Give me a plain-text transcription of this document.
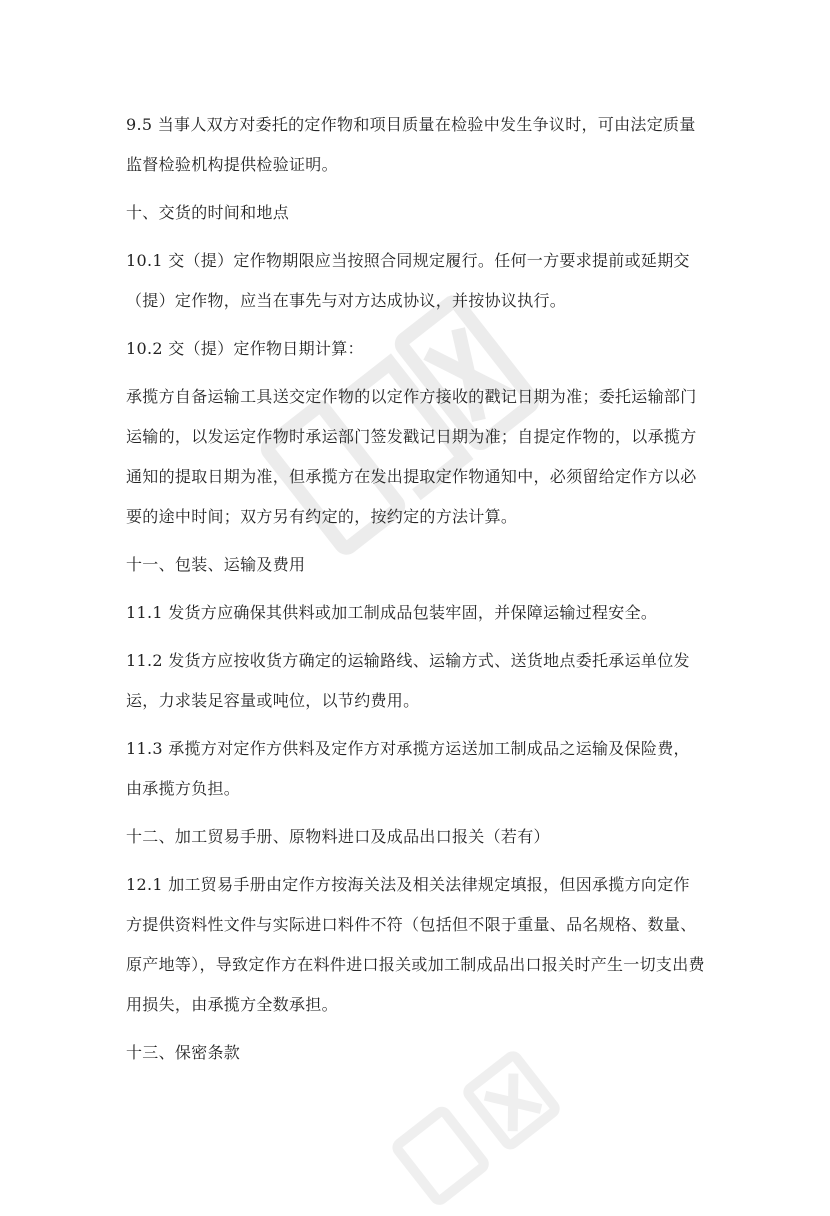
9.5 当事人双方对委托的定作物和项目质量在检验中发生争议时，可由法定质量监督检验机构提供检验证明。

十、交货的时间和地点

10.1 交（提）定作物期限应当按照合同规定履行。任何一方要求提前或延期交（提）定作物，应当在事先与对方达成协议，并按协议执行。

10.2 交（提）定作物日期计算：

承揽方自备运输工具送交定作物的以定作方接收的戳记日期为准；委托运输部门运输的，以发运定作物时承运部门签发戳记日期为准；自提定作物的，以承揽方通知的提取日期为准，但承揽方在发出提取定作物通知中，必须留给定作方以必要的途中时间；双方另有约定的，按约定的方法计算。

十一、包装、运输及费用

11.1 发货方应确保其供料或加工制成品包装牢固，并保障运输过程安全。

11.2 发货方应按收货方确定的运输路线、运输方式、送货地点委托承运单位发运，力求装足容量或吨位，以节约费用。

11.3 承揽方对定作方供料及定作方对承揽方运送加工制成品之运输及保险费，由承揽方负担。

十二、加工贸易手册、原物料进口及成品出口报关（若有）

12.1 加工贸易手册由定作方按海关法及相关法律规定填报，但因承揽方向定作方提供资料性文件与实际进口料件不符（包括但不限于重量、品名规格、数量、原产地等），导致定作方在料件进口报关或加工制成品出口报关时产生一切支出费用损失，由承揽方全数承担。

十三、保密条款
